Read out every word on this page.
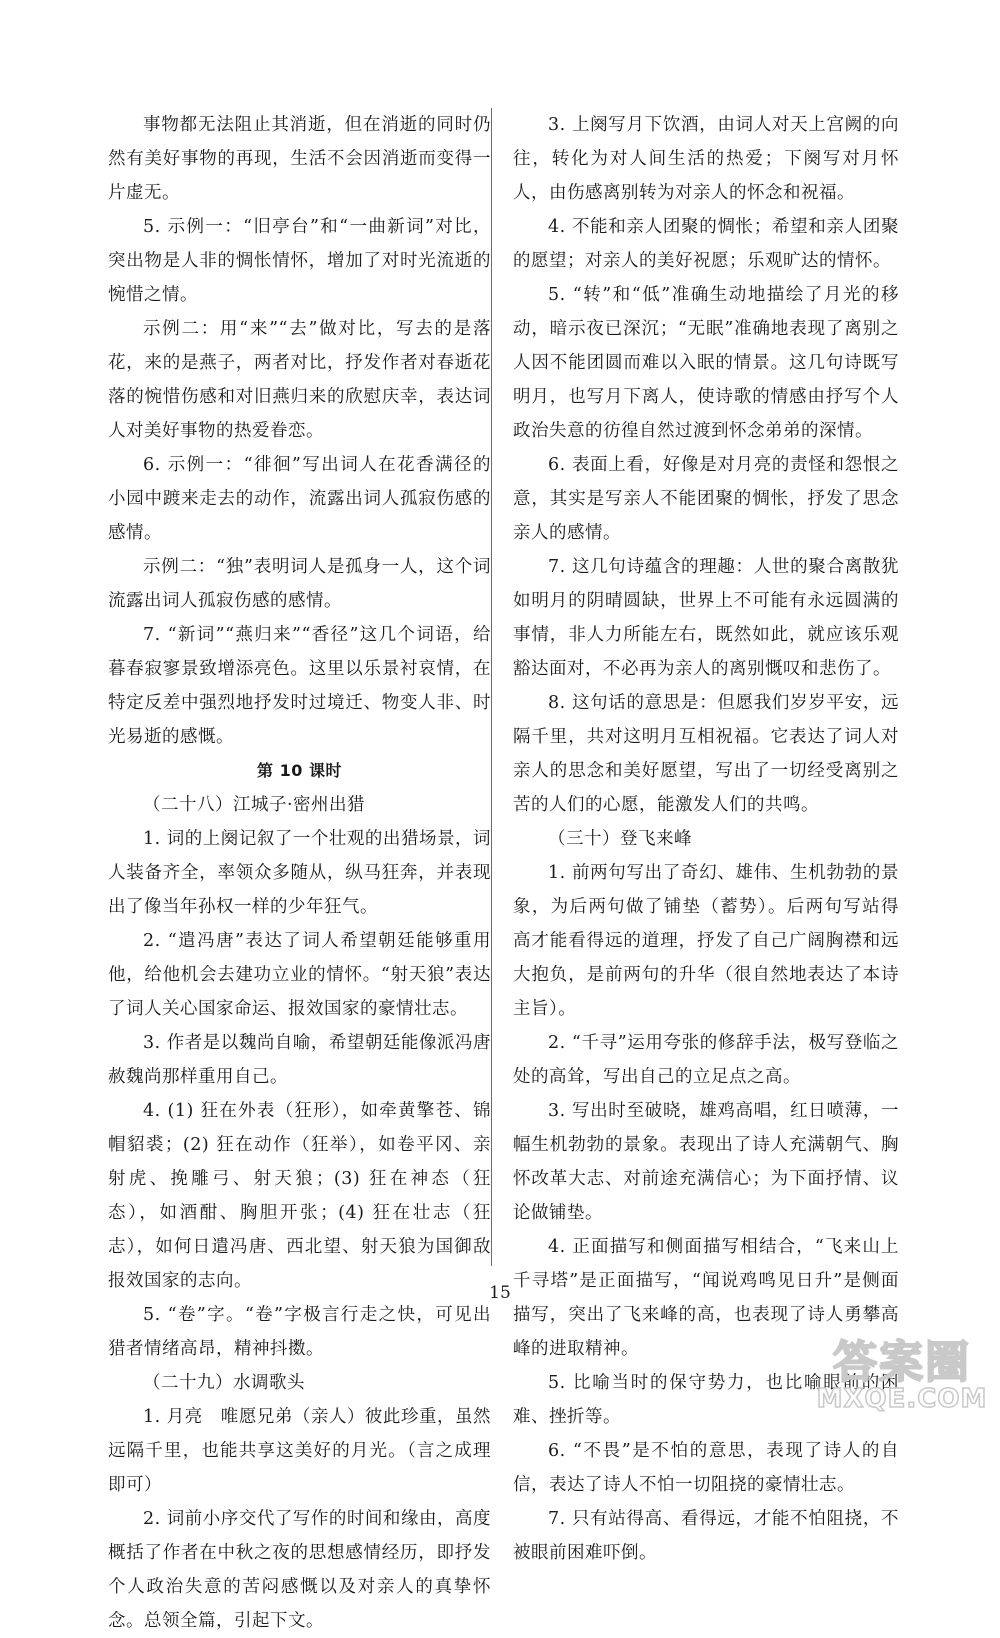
事物都无法阻止其消逝，但在消逝的同时仍然有美好事物的再现，生活不会因消逝而变得一片虚无。

5. 示例一：“旧亭台”和“一曲新词”对比，突出物是人非的惆怅情怀，增加了对时光流逝的惋惜之情。

示例二：用“来”“去”做对比，写去的是落花，来的是燕子，两者对比，抒发作者对春逝花落的惋惜伤感和对旧燕归来的欣慰庆幸，表达词人对美好事物的热爱眷恋。

6. 示例一：“徘徊”写出词人在花香满径的小园中踱来走去的动作，流露出词人孤寂伤感的感情。

示例二：“独”表明词人是孤身一人，这个词流露出词人孤寂伤感的感情。

7. “新词”“燕归来”“香径”这几个词语，给暮春寂寥景致增添亮色。这里以乐景衬哀情，在特定反差中强烈地抒发时过境迁、物变人非、时光易逝的感慨。

第 10 课时

（二十八）江城子·密州出猎

1. 词的上阕记叙了一个壮观的出猎场景，词人装备齐全，率领众多随从，纵马狂奔，并表现出了像当年孙权一样的少年狂气。

2. “遣冯唐”表达了词人希望朝廷能够重用他，给他机会去建功立业的情怀。“射天狼”表达了词人关心国家命运、报效国家的豪情壮志。

3. 作者是以魏尚自喻，希望朝廷能像派冯唐赦魏尚那样重用自己。

4. (1) 狂在外表（狂形），如牵黄擎苍、锦帽貂裘；(2) 狂在动作（狂举），如卷平冈、亲射虎、挽雕弓、射天狼；(3) 狂在神态（狂态），如酒酣、胸胆开张；(4) 狂在壮志（狂志），如何日遣冯唐、西北望、射天狼为国御敌报效国家的志向。

5. “卷”字。“卷”字极言行走之快，可见出猎者情绪高昂，精神抖擞。

（二十九）水调歌头

1. 月亮　唯愿兄弟（亲人）彼此珍重，虽然远隔千里，也能共享这美好的月光。（言之成理即可）

2. 词前小序交代了写作的时间和缘由，高度概括了作者在中秋之夜的思想感情经历，即抒发个人政治失意的苦闷感慨以及对亲人的真挚怀念。总领全篇，引起下文。

3. 上阕写月下饮酒，由词人对天上宫阙的向往，转化为对人间生活的热爱；下阕写对月怀人，由伤感离别转为对亲人的怀念和祝福。

4. 不能和亲人团聚的惆怅；希望和亲人团聚的愿望；对亲人的美好祝愿；乐观旷达的情怀。

5. “转”和“低”准确生动地描绘了月光的移动，暗示夜已深沉；“无眠”准确地表现了离别之人因不能团圆而难以入眠的情景。这几句诗既写明月，也写月下离人，使诗歌的情感由抒写个人政治失意的彷徨自然过渡到怀念弟弟的深情。

6. 表面上看，好像是对月亮的责怪和怨恨之意，其实是写亲人不能团聚的惆怅，抒发了思念亲人的感情。

7. 这几句诗蕴含的理趣：人世的聚合离散犹如明月的阴晴圆缺，世界上不可能有永远圆满的事情，非人力所能左右，既然如此，就应该乐观豁达面对，不必再为亲人的离别慨叹和悲伤了。

8. 这句话的意思是：但愿我们岁岁平安，远隔千里，共对这明月互相祝福。它表达了词人对亲人的思念和美好愿望，写出了一切经受离别之苦的人们的心愿，能激发人们的共鸣。

（三十）登飞来峰

1. 前两句写出了奇幻、雄伟、生机勃勃的景象，为后两句做了铺垫（蓄势）。后两句写站得高才能看得远的道理，抒发了自己广阔胸襟和远大抱负，是前两句的升华（很自然地表达了本诗主旨）。

2. “千寻”运用夸张的修辞手法，极写登临之处的高耸，写出自己的立足点之高。

3. 写出时至破晓，雄鸡高唱，红日喷薄，一幅生机勃勃的景象。表现出了诗人充满朝气、胸怀改革大志、对前途充满信心；为下面抒情、议论做铺垫。

4. 正面描写和侧面描写相结合，“飞来山上千寻塔”是正面描写，“闻说鸡鸣见日升”是侧面描写，突出了飞来峰的高，也表现了诗人勇攀高峰的进取精神。

5. 比喻当时的保守势力，也比喻眼前的困难、挫折等。

6. “不畏”是不怕的意思，表现了诗人的自信，表达了诗人不怕一切阻挠的豪情壮志。

7. 只有站得高、看得远，才能不怕阻挠，不被眼前困难吓倒。

15
答案圈
MXQE.COM
